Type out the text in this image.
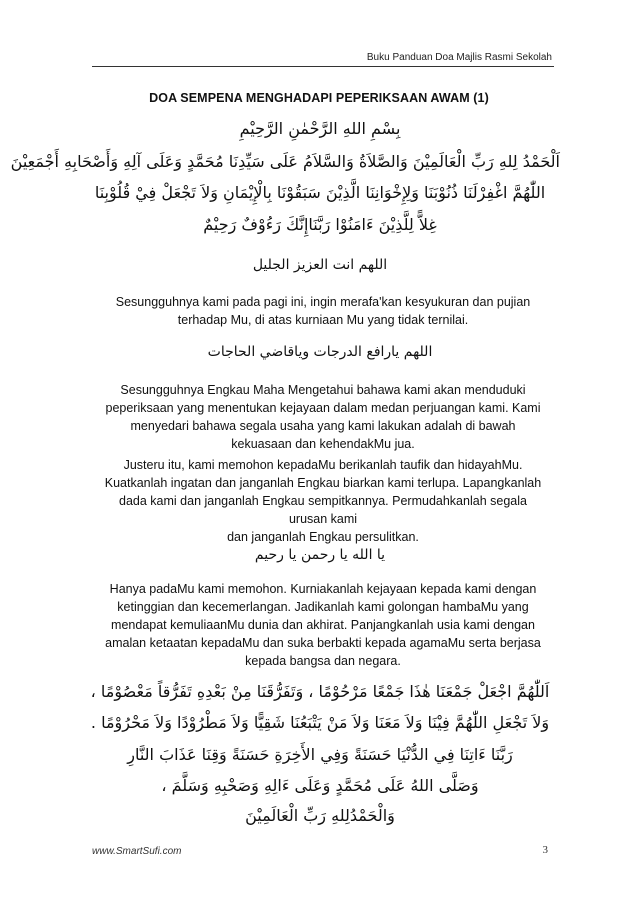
Buku Panduan Doa Majlis Rasmi Sekolah
DOA SEMPENA MENGHADAPI PEPERIKSAAN AWAM (1)
بِسْمِ اللهِ الرَّحْمٰنِ الرَّحِيْمِ
اَلْحَمْدُ لِلهِ رَبِّ الْعَالَمِيْنَ وَالصَّلاَةُ وَالسَّلاَمُ عَلَى سَيِّدِنَا مُحَمَّدٍ وَعَلَى آلِهِ وَأَصْحَابِهِ أَجْمَعِيْنَ
اللّٰهُمَّ اغْفِرْلَنَا ذُنُوْبَنَا وَلِإِخْوَانِنَا الَّذِيْنَ سَبَقُوْنَا بِالْإِيْمَانِ وَلاَ تَجْعَلْ فِيْ قُلُوْبِنَا
غِلاًّ لِلَّذِيْنَ ءَامَنُوْا رَبَّنَاإِنَّكَ رَءُوْفٌ رَحِيْمٌ
اللهم انت العزيز الجليل
Sesungguhnya kami pada pagi ini, ingin merafa'kan kesyukuran dan pujian
terhadap Mu, di atas kurniaan Mu yang tidak ternilai.
اللهم يارافع الدرجات وياقاضي الحاجات
Sesungguhnya Engkau Maha Mengetahui bahawa kami akan menduduki
peperiksaan yang menentukan kejayaan dalam medan perjuangan kami. Kami
menyedari bahawa segala usaha yang kami lakukan adalah di bawah
kekuasaan dan kehendakMu jua.
Justeru itu, kami memohon kepadaMu berikanlah taufik dan hidayahMu.
Kuatkanlah ingatan dan janganlah Engkau biarkan kami terlupa. Lapangkanlah
dada kami dan janganlah Engkau sempitkannya. Permudahkanlah segala
urusan kami
dan janganlah Engkau persulitkan.
يا الله يا رحمن يا رحيم
Hanya padaMu kami memohon. Kurniakanlah kejayaan kepada kami dengan
ketinggian dan kecemerlangan. Jadikanlah kami golongan hambaMu yang
mendapat kemuliaanMu dunia dan akhirat. Panjangkanlah usia kami dengan
amalan ketaatan kepadaMu dan suka berbakti kepada agamaMu serta berjasa
kepada bangsa dan negara.
اَللّٰهُمَّ اجْعَلْ جَمْعَنَا هٰذَا جَمْعًا مَرْحُوْمًا ، وَتَفَرُّقَنَا مِنْ بَعْدِهِ تَفَرُّقاً مَعْصُوْمًا ،
وَلاَ تَجْعَلِ اللّٰهُمَّ فِيْنَا وَلاَ مَعَنَا وَلاَ مَنْ يَتْبَعُنَا شَقِيًّا وَلاَ مَطْرُوْدًا وَلاَ مَحْرُوْمًا .
رَبَّنَا ءَاتِنَا فِي الدُّنْيَا حَسَنَةً وَفِي الأَخِرَةِ حَسَنَةً وَقِنَا عَذَابَ النَّارِ
وَصَلَّى اللهُ عَلَى مُحَمَّدٍ وَعَلَى ءَالِهِ وَصَحْبِهِ وَسَلَّمَ ،
وَالْحَمْدُلِلهِ رَبِّ الْعَالَمِيْنَ
www.SmartSufi.com	3
